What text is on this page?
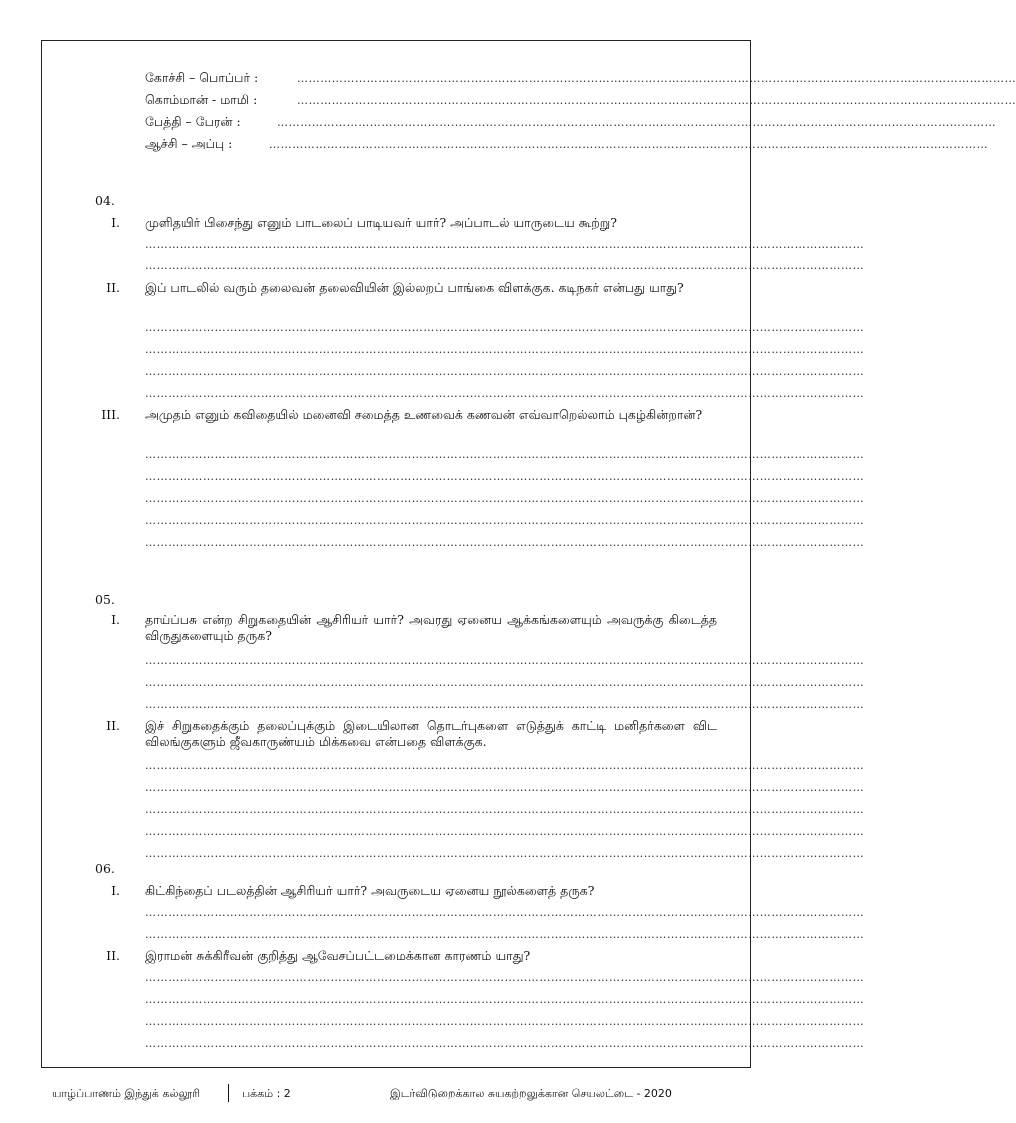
கோச்சி – பொப்பர் :	……………………………………………………………………………………………………………………………………………………………………
கொம்மான் - மாமி :	……………………………………………………………………………………………………………………………………………………………………
பேத்தி – பேரன் :	……………………………………………………………………………………………………………………………………………………………………
ஆச்சி – அப்பு :	……………………………………………………………………………………………………………………………………………………………………
04.
I. முளிதயிர் பிசைந்து எனும் பாடலைப் பாடியவர் யார்? அப்பாடல் யாருடைய கூற்று?
……………………………………………………………………………………………………………………………………………………………………
……………………………………………………………………………………………………………………………………………………………………
II. இப் பாடலில் வரும் தலைவன் தலைவியின் இல்லறப் பாங்கை விளக்குக. கடிநகர் என்பது யாது?
……………………………………………………………………………………………………………………………………………………………………
……………………………………………………………………………………………………………………………………………………………………
……………………………………………………………………………………………………………………………………………………………………
……………………………………………………………………………………………………………………………………………………………………
III. அமுதம் எனும் கவிதையில் மனைவி சமைத்த உணவைக் கணவன் எவ்வாறெல்லாம் புகழ்கின்றான்?
……………………………………………………………………………………………………………………………………………………………………
……………………………………………………………………………………………………………………………………………………………………
……………………………………………………………………………………………………………………………………………………………………
……………………………………………………………………………………………………………………………………………………………………
……………………………………………………………………………………………………………………………………………………………………
05.
I. தாய்ப்பசு என்ற சிறுகதையின் ஆசிரியர் யார்? அவரது ஏனைய ஆக்கங்களையும் அவருக்கு கிடைத்த விருதுகளையும் தருக?
……………………………………………………………………………………………………………………………………………………………………
……………………………………………………………………………………………………………………………………………………………………
……………………………………………………………………………………………………………………………………………………………………
II. இச் சிறுகதைக்கும் தலைப்புக்கும் இடையிலான தொடர்புகளை எடுத்துக் காட்டி மனிதர்களை விட விலங்குகளும் ஜீவகாருண்யம் மிக்கவை என்பதை விளக்குக.
……………………………………………………………………………………………………………………………………………………………………
……………………………………………………………………………………………………………………………………………………………………
……………………………………………………………………………………………………………………………………………………………………
……………………………………………………………………………………………………………………………………………………………………
……………………………………………………………………………………………………………………………………………………………………
06.
I. கிட்கிந்தைப் படலத்தின் ஆசிரியர் யார்? அவருடைய ஏனைய நூல்களைத் தருக?
……………………………………………………………………………………………………………………………………………………………………
……………………………………………………………………………………………………………………………………………………………………
II. இராமன் சுக்கிரீவன் குறித்து ஆவேசப்பட்டமைக்கான காரணம் யாது?
……………………………………………………………………………………………………………………………………………………………………
……………………………………………………………………………………………………………………………………………………………………
……………………………………………………………………………………………………………………………………………………………………
……………………………………………………………………………………………………………………………………………………………………
யாழ்ப்பாணம் இந்துக் கல்லூரி	பக்கம் : 2	இடர்விடுறைக்கால சுயகற்றலுக்கான செயலட்டை - 2020
